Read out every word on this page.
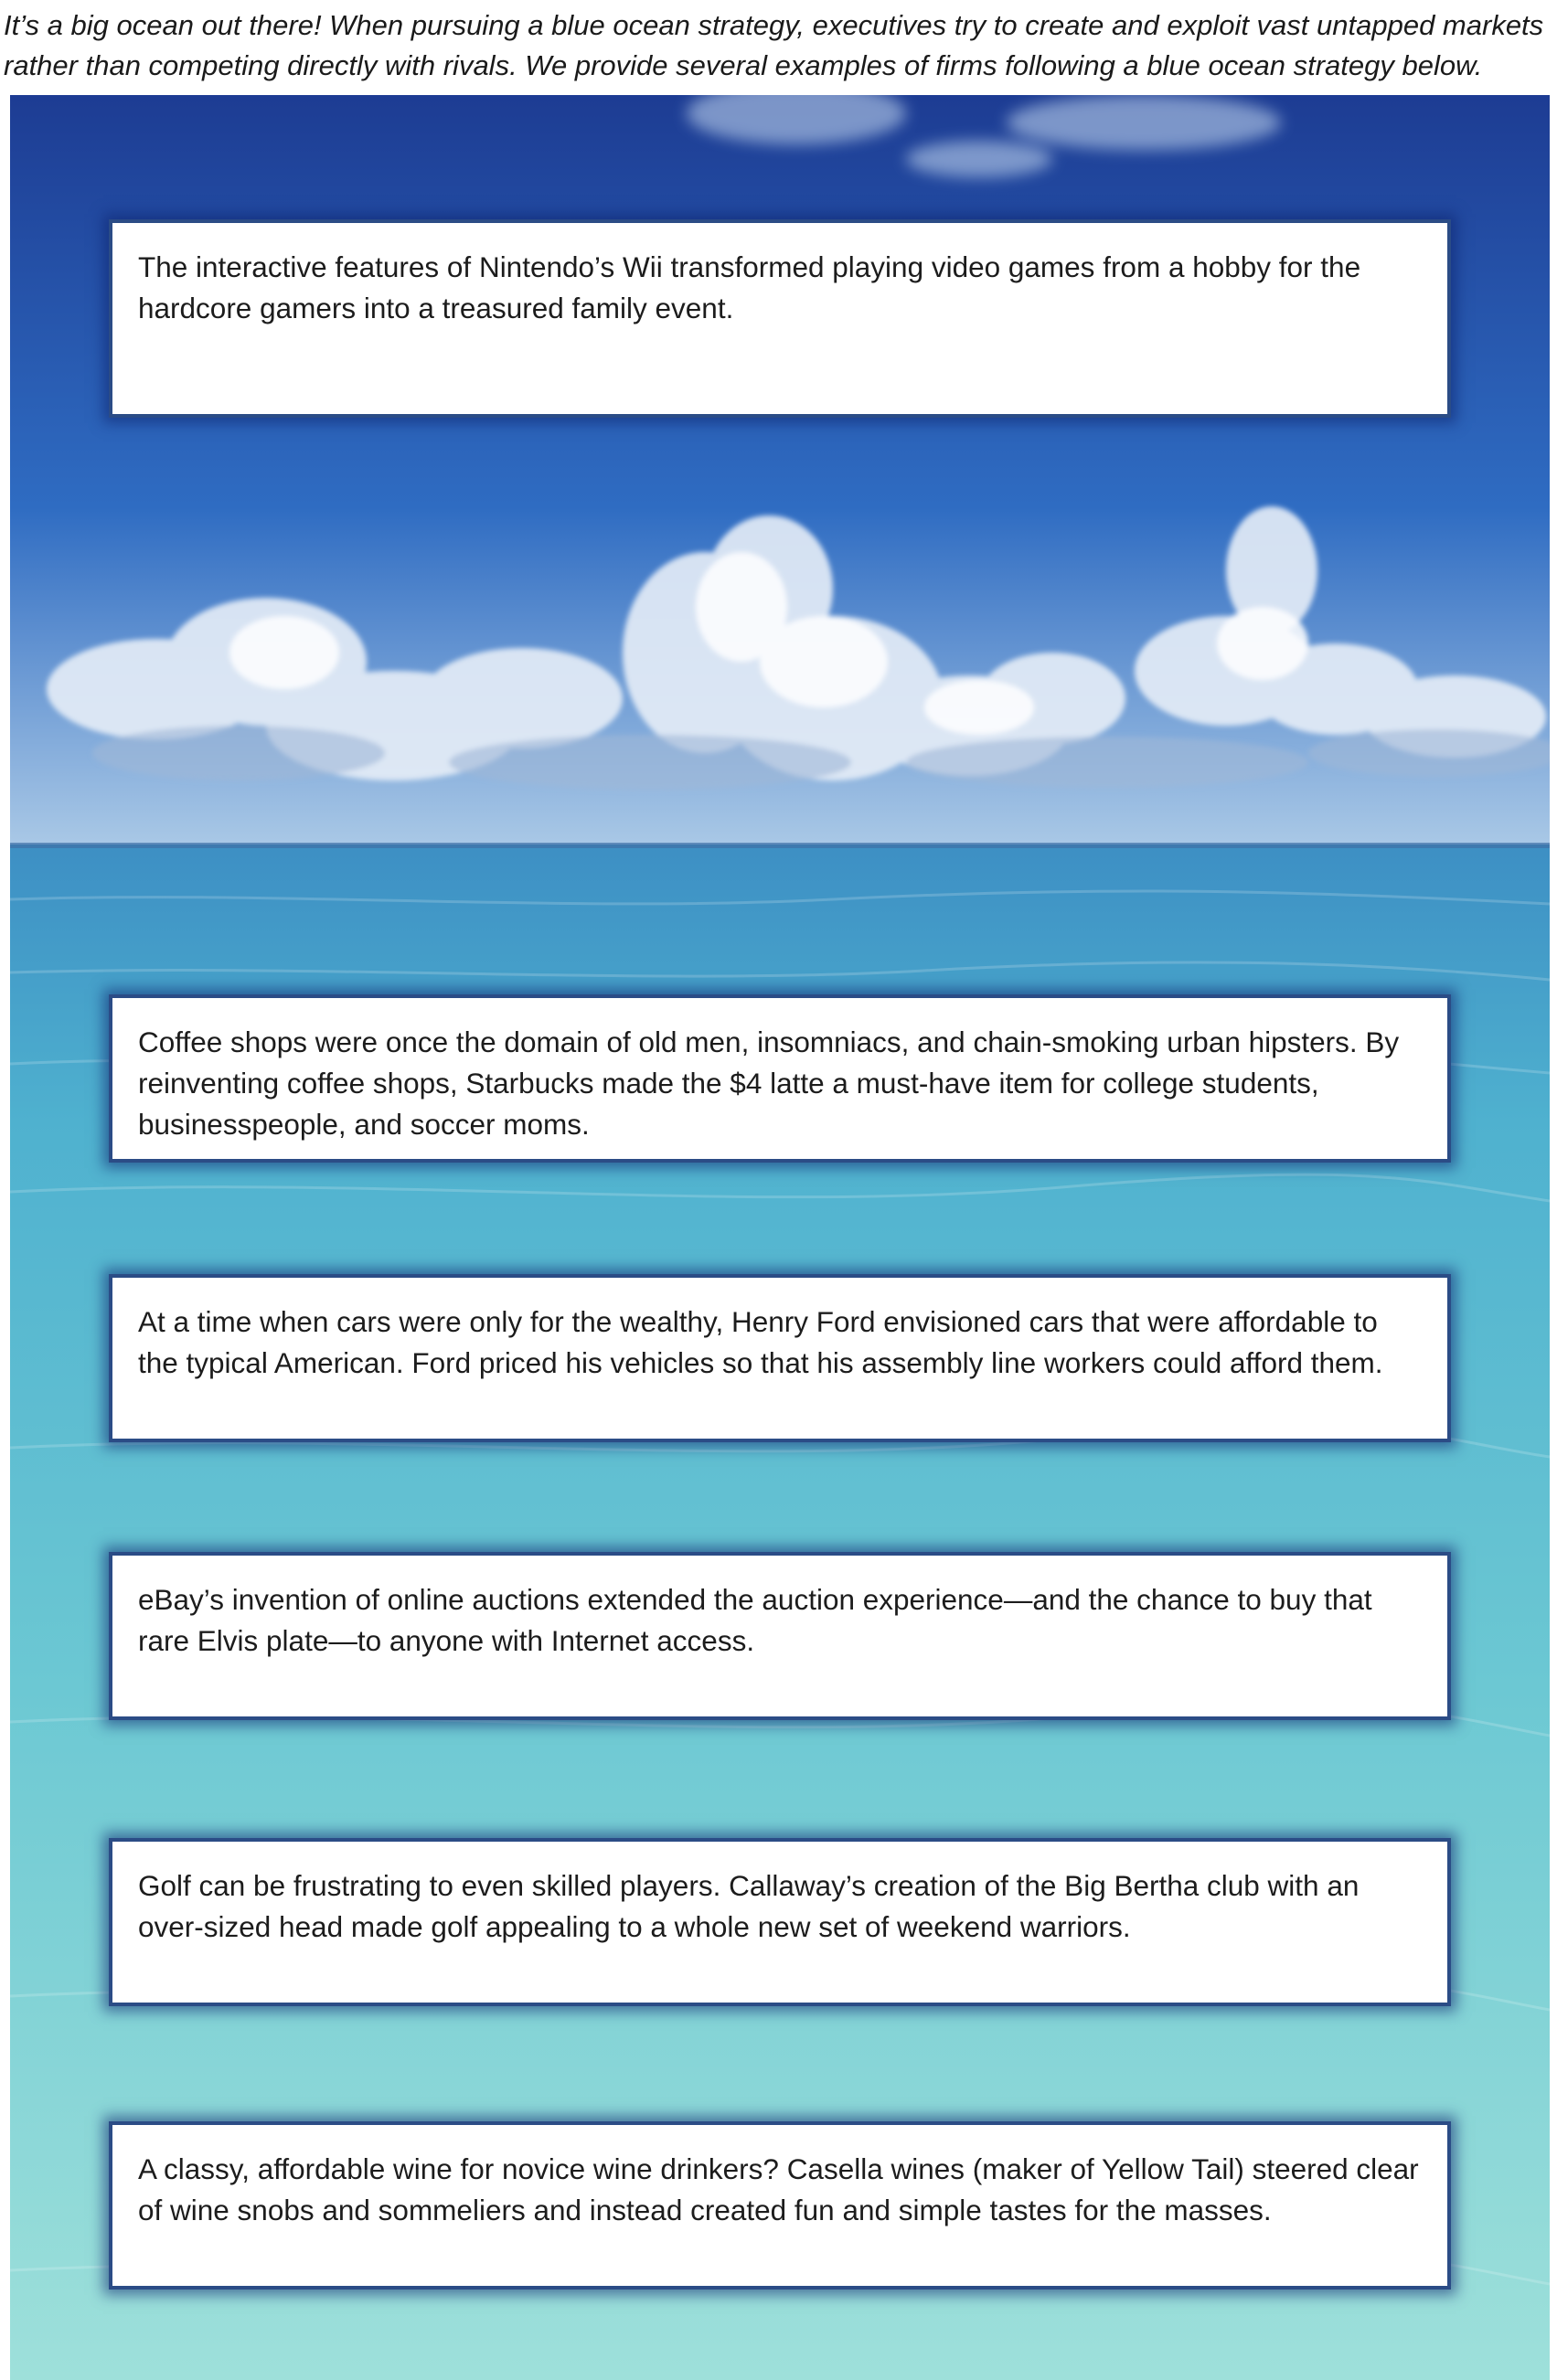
It’s a big ocean out there! When pursuing a blue ocean strategy, executives try to create and exploit vast untapped markets rather than competing directly with rivals. We provide several examples of firms following a blue ocean strategy below.

The interactive features of Nintendo’s Wii transformed playing video games from a hobby for the hardcore gamers into a treasured family event.
Coffee shops were once the domain of old men, insomniacs, and chain-smoking urban hipsters. By reinventing coffee shops, Starbucks made the $4 latte a must-have item for college students, businesspeople, and soccer moms.
At a time when cars were only for the wealthy, Henry Ford envisioned cars that were affordable to the typical American. Ford priced his vehicles so that his assembly line workers could afford them.
eBay’s invention of online auctions extended the auction experience—and the chance to buy that rare Elvis plate—to anyone with Internet access.
Golf can be frustrating to even skilled players. Callaway’s creation of the Big Bertha club with an over-sized head made golf appealing to a whole new set of weekend warriors.
A classy, affordable wine for novice wine drinkers? Casella wines (maker of Yellow Tail) steered clear of wine snobs and sommeliers and instead created fun and simple tastes for the masses.
